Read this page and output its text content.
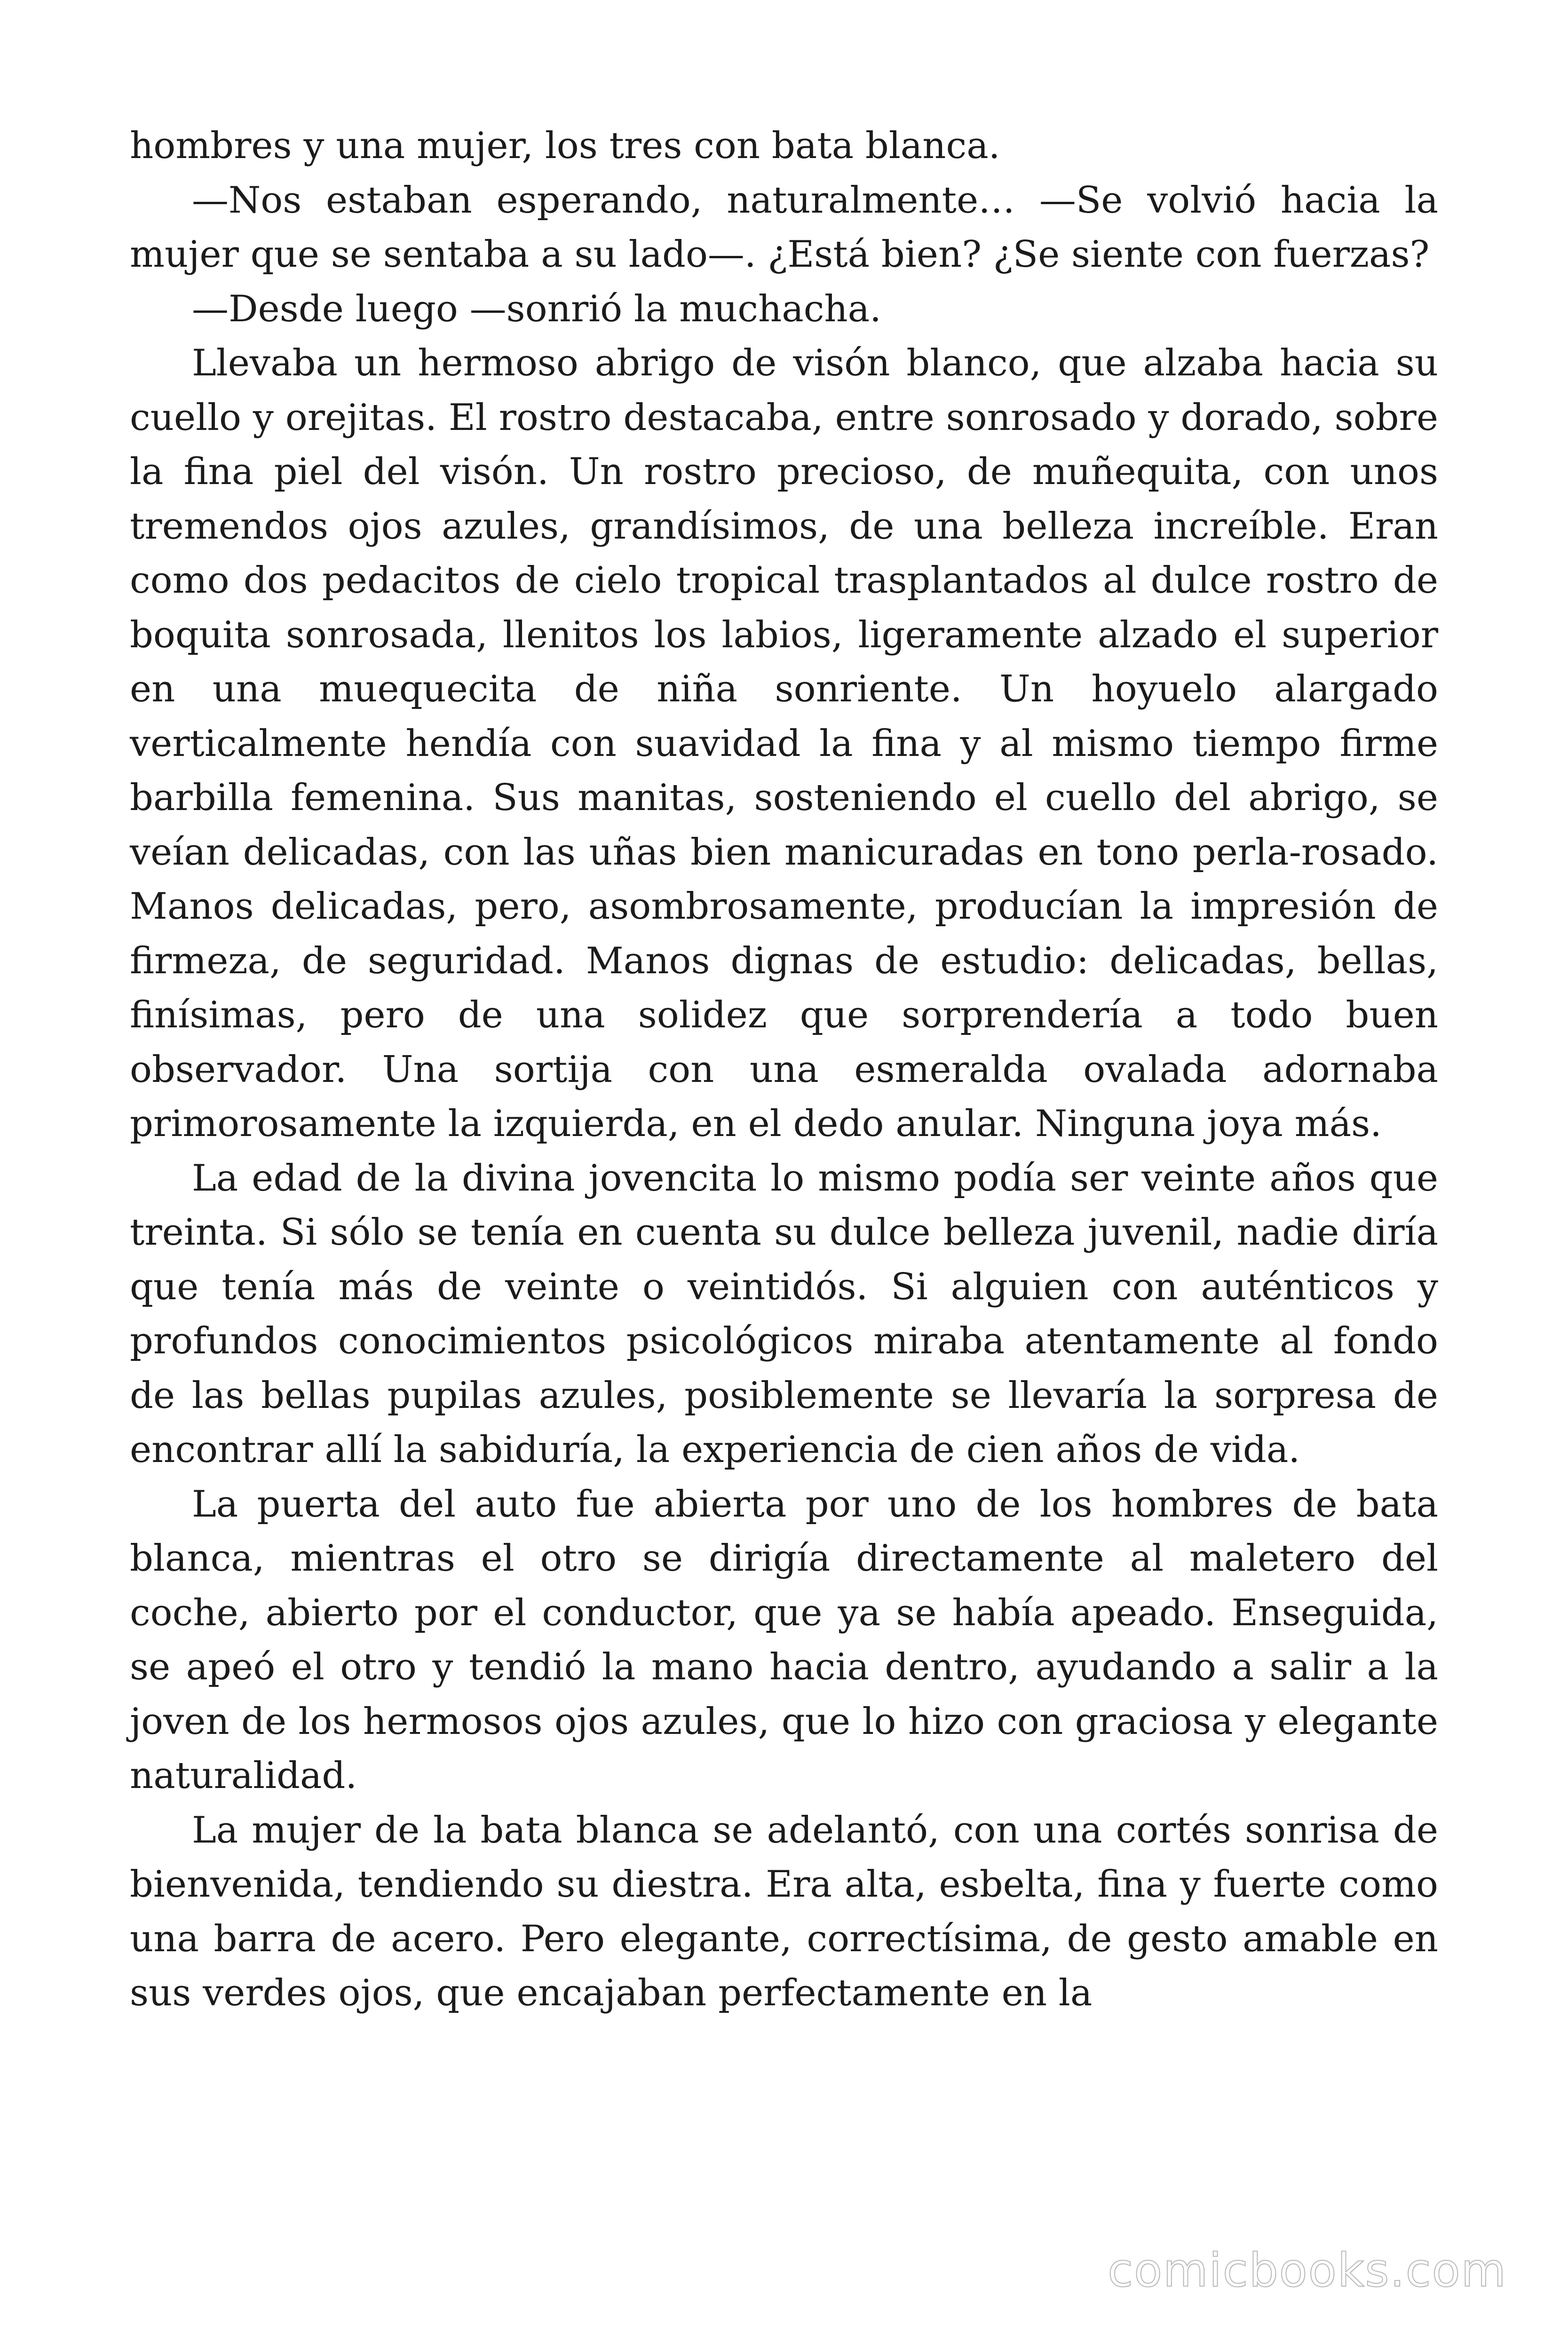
hombres y una mujer, los tres con bata blanca.

—Nos estaban esperando, naturalmente… —Se volvió hacia la mujer que se sentaba a su lado—. ¿Está bien? ¿Se siente con fuerzas?

—Desde luego —sonrió la muchacha.

Llevaba un hermoso abrigo de visón blanco, que alzaba hacia su cuello y orejitas. El rostro destacaba, entre sonrosado y dorado, sobre la fina piel del visón. Un rostro precioso, de muñequita, con unos tremendos ojos azules, grandísimos, de una belleza increíble. Eran como dos pedacitos de cielo tropical trasplantados al dulce rostro de boquita sonrosada, llenitos los labios, ligeramente alzado el superior en una muequecita de niña sonriente. Un hoyuelo alargado verticalmente hendía con suavidad la fina y al mismo tiempo firme barbilla femenina. Sus manitas, sosteniendo el cuello del abrigo, se veían delicadas, con las uñas bien manicuradas en tono perla-rosado. Manos delicadas, pero, asombrosamente, producían la impresión de firmeza, de seguridad. Manos dignas de estudio: delicadas, bellas, finísimas, pero de una solidez que sorprendería a todo buen observador. Una sortija con una esmeralda ovalada adornaba primorosamente la izquierda, en el dedo anular. Ninguna joya más.

La edad de la divina jovencita lo mismo podía ser veinte años que treinta. Si sólo se tenía en cuenta su dulce belleza juvenil, nadie diría que tenía más de veinte o veintidós. Si alguien con auténticos y profundos conocimientos psicológicos miraba atentamente al fondo de las bellas pupilas azules, posiblemente se llevaría la sorpresa de encontrar allí la sabiduría, la experiencia de cien años de vida.

La puerta del auto fue abierta por uno de los hombres de bata blanca, mientras el otro se dirigía directamente al maletero del coche, abierto por el conductor, que ya se había apeado. Enseguida, se apeó el otro y tendió la mano hacia dentro, ayudando a salir a la joven de los hermosos ojos azules, que lo hizo con graciosa y elegante naturalidad.

La mujer de la bata blanca se adelantó, con una cortés sonrisa de bienvenida, tendiendo su diestra. Era alta, esbelta, fina y fuerte como una barra de acero. Pero elegante, correctísima, de gesto amable en sus verdes ojos, que encajaban perfectamente en la

comicbooks.com
